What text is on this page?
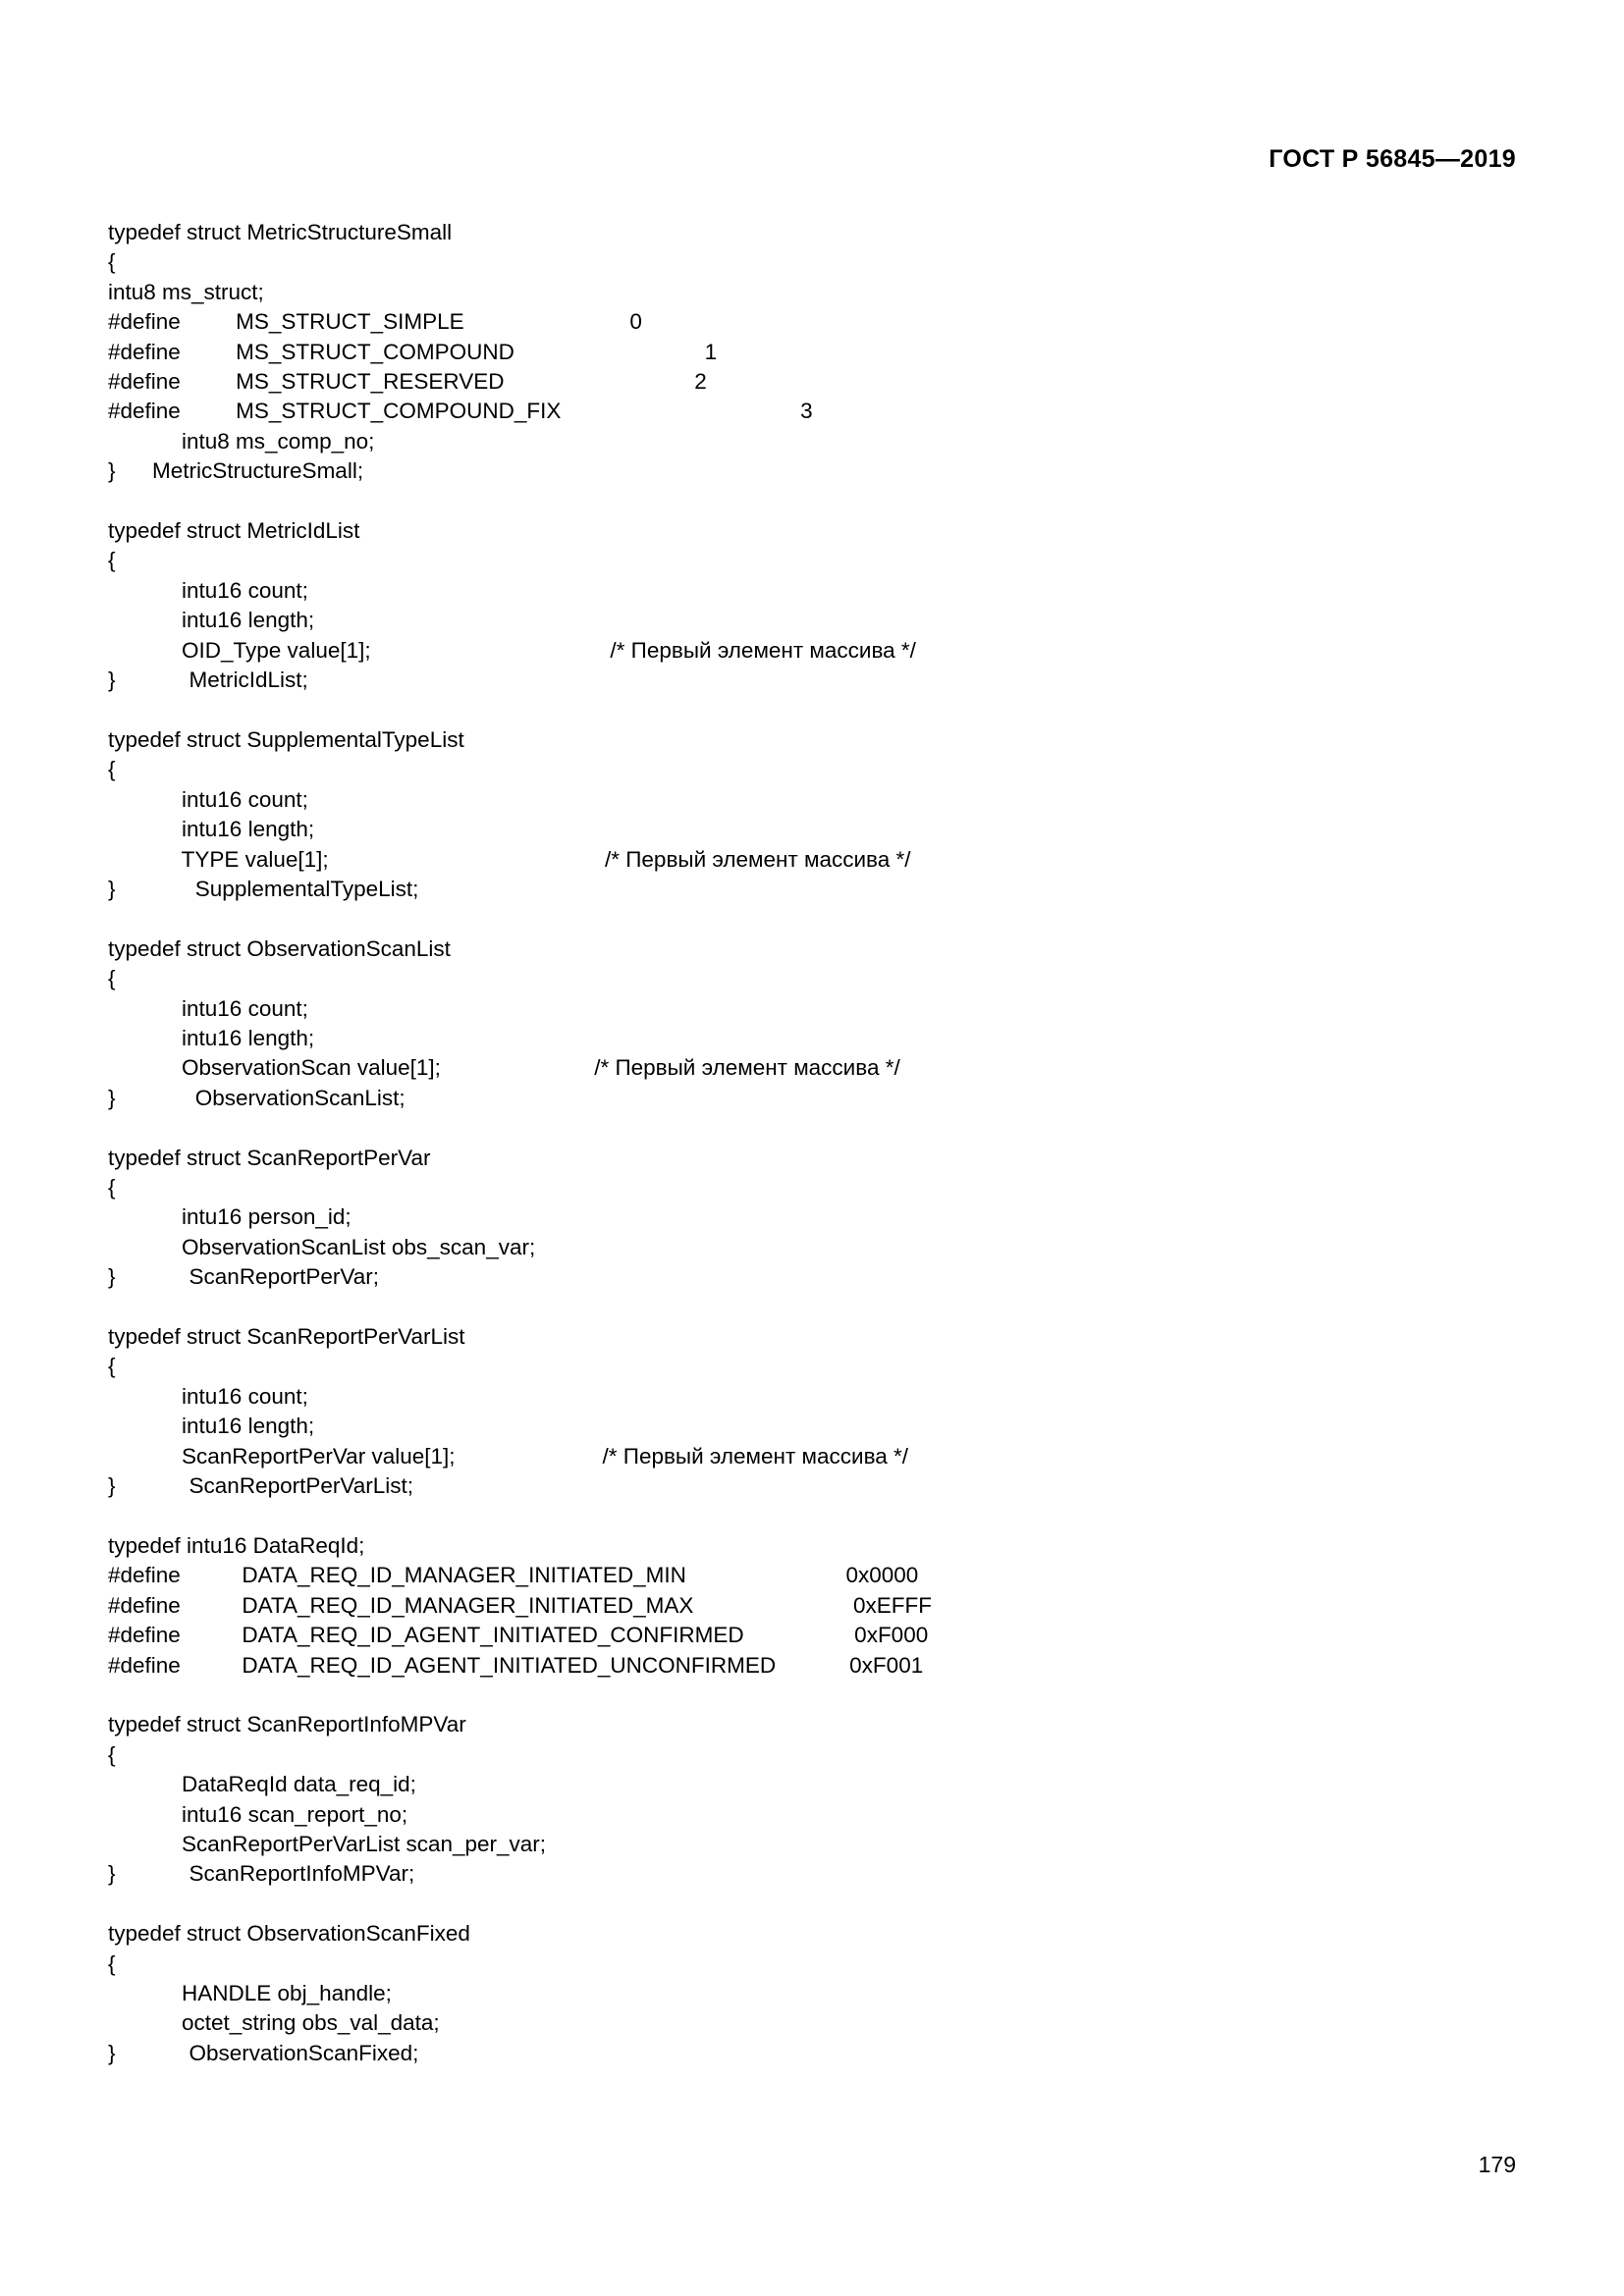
ГОСТ Р 56845—2019
typedef struct MetricStructureSmall
{
intu8 ms_struct;
#define         MS_STRUCT_SIMPLE                           0
#define         MS_STRUCT_COMPOUND                               1
#define         MS_STRUCT_RESERVED                               2
#define         MS_STRUCT_COMPOUND_FIX                                       3
intu8 ms_comp_no;
}      MetricStructureSmall;

typedef struct MetricIdList
{
intu16 count;
intu16 length;
OID_Type value[1];                                       /* Первый элемент массива */
}            MetricIdList;

typedef struct SupplementalTypeList
{
intu16 count;
intu16 length;
TYPE value[1];                                             /* Первый элемент массива */
}             SupplementalTypeList;

typedef struct ObservationScanList
{
intu16 count;
intu16 length;
ObservationScan value[1];                         /* Первый элемент массива */
}             ObservationScanList;

typedef struct ScanReportPerVar
{
intu16 person_id;
ObservationScanList obs_scan_var;
}            ScanReportPerVar;

typedef struct ScanReportPerVarList
{
intu16 count;
intu16 length;
ScanReportPerVar value[1];                        /* Первый элемент массива */
}            ScanReportPerVarList;

typedef intu16 DataReqId;
#define          DATA_REQ_ID_MANAGER_INITIATED_MIN                          0x0000
#define          DATA_REQ_ID_MANAGER_INITIATED_MAX                          0xEFFF
#define          DATA_REQ_ID_AGENT_INITIATED_CONFIRMED                  0xF000
#define          DATA_REQ_ID_AGENT_INITIATED_UNCONFIRMED            0xF001

typedef struct ScanReportInfoMPVar
{
DataReqId data_req_id;
intu16 scan_report_no;
ScanReportPerVarList scan_per_var;
}            ScanReportInfoMPVar;

typedef struct ObservationScanFixed
{
HANDLE obj_handle;
octet_string obs_val_data;
}            ObservationScanFixed;
179
